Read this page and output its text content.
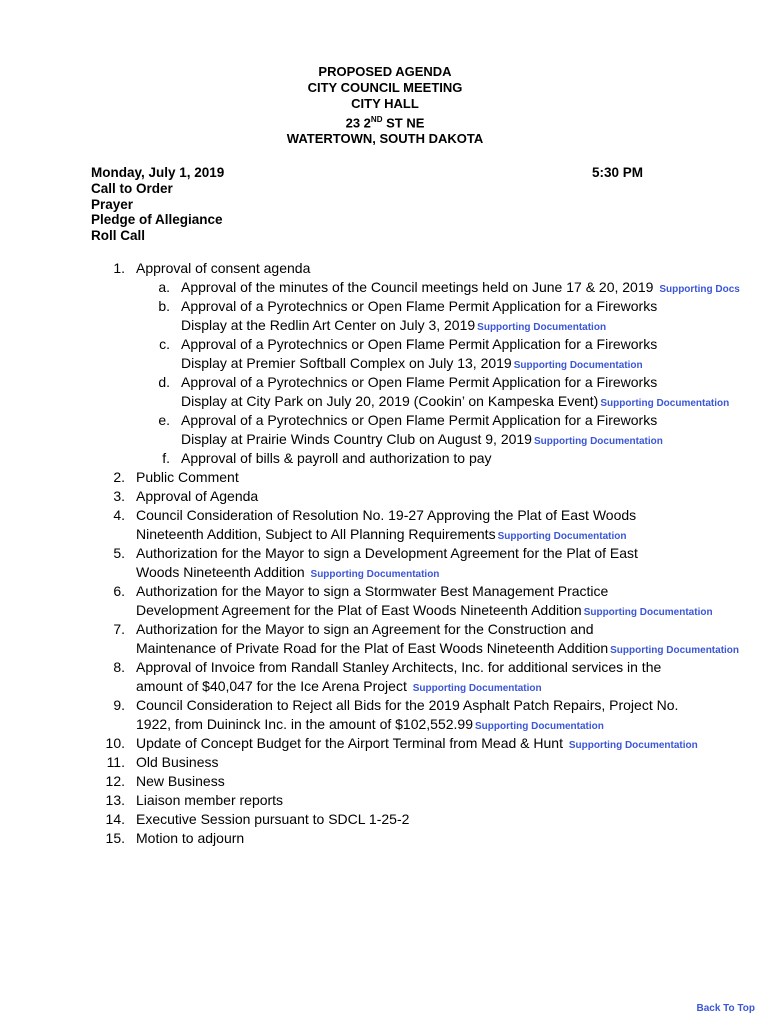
PROPOSED AGENDA
CITY COUNCIL MEETING
CITY HALL
23 2ND ST NE
WATERTOWN, SOUTH DAKOTA
Monday, July 1, 2019	5:30 PM
Call to Order
Prayer
Pledge of Allegiance
Roll Call
1. Approval of consent agenda
a. Approval of the minutes of the Council meetings held on June 17 & 20, 2019 Supporting Docs
b. Approval of a Pyrotechnics or Open Flame Permit Application for a Fireworks
Display at the Redlin Art Center on July 3, 2019 Supporting Documentation
c. Approval of a Pyrotechnics or Open Flame Permit Application for a Fireworks
Display at Premier Softball Complex on July 13, 2019 Supporting Documentation
d. Approval of a Pyrotechnics or Open Flame Permit Application for a Fireworks
Display at City Park on July 20, 2019 (Cookin’ on Kampeska Event) Supporting Documentation
e. Approval of a Pyrotechnics or Open Flame Permit Application for a Fireworks
Display at Prairie Winds Country Club on August 9, 2019 Supporting Documentation
f. Approval of bills & payroll and authorization to pay
2. Public Comment
3. Approval of Agenda
4. Council Consideration of Resolution No. 19-27 Approving the Plat of East Woods
Nineteenth Addition, Subject to All Planning Requirements Supporting Documentation
5. Authorization for the Mayor to sign a Development Agreement for the Plat of East
Woods Nineteenth Addition Supporting Documentation
6. Authorization for the Mayor to sign a Stormwater Best Management Practice
Development Agreement for the Plat of East Woods Nineteenth Addition Supporting Documentation
7. Authorization for the Mayor to sign an Agreement for the Construction and
Maintenance of Private Road for the Plat of East Woods Nineteenth Addition Supporting Documentation
8. Approval of Invoice from Randall Stanley Architects, Inc. for additional services in the
amount of $40,047 for the Ice Arena Project Supporting Documentation
9. Council Consideration to Reject all Bids for the 2019 Asphalt Patch Repairs, Project No.
1922, from Duininck Inc. in the amount of $102,552.99 Supporting Documentation
10. Update of Concept Budget for the Airport Terminal from Mead & Hunt Supporting Documentation
11. Old Business
12. New Business
13. Liaison member reports
14. Executive Session pursuant to SDCL 1-25-2
15. Motion to adjourn
Back To Top
